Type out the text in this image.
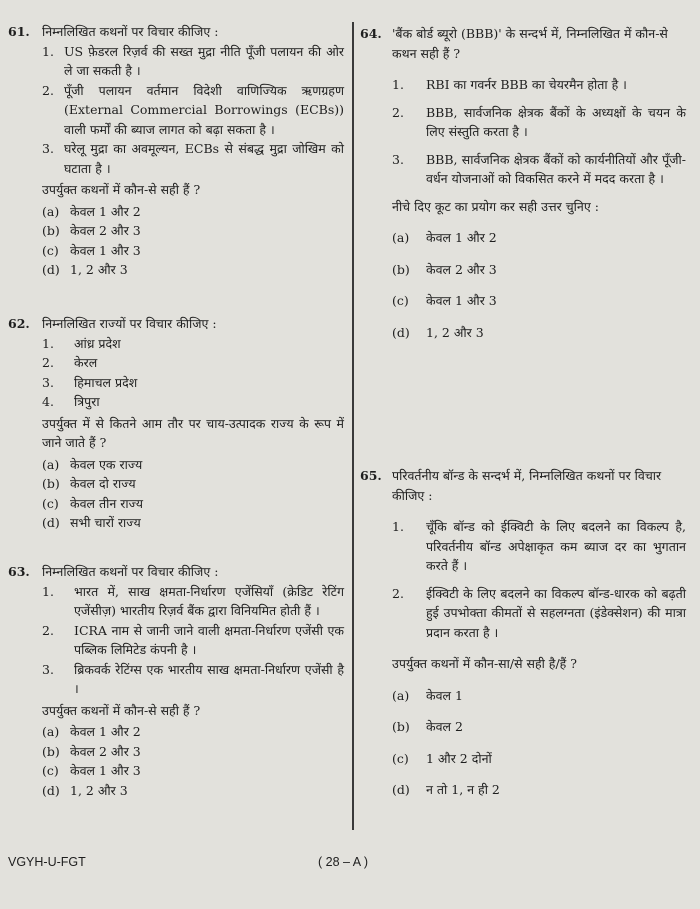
61. निम्नलिखित कथनों पर विचार कीजिए :
1. US फ़ेडरल रिज़र्व की सख्त मुद्रा नीति पूँजी पलायन की ओर ले जा सकती है ।
2. पूँजी पलायन वर्तमान विदेशी वाणिज्यिक ऋणग्रहण (External Commercial Borrowings (ECBs)) वाली फर्मों की ब्याज लागत को बढ़ा सकता है ।
3. घरेलू मुद्रा का अवमूल्यन, ECBs से संबद्ध मुद्रा जोखिम को घटाता है ।
उपर्युक्त कथनों में कौन-से सही हैं ?
(a) केवल 1 और 2
(b) केवल 2 और 3
(c) केवल 1 और 3
(d) 1, 2 और 3
62. निम्नलिखित राज्यों पर विचार कीजिए :
1.	आंध्र प्रदेश
2.	केरल
3.	हिमाचल प्रदेश
4.	त्रिपुरा
उपर्युक्त में से कितने आम तौर पर चाय-उत्पादक राज्य के रूप में जाने जाते हैं ?
(a) केवल एक राज्य
(b) केवल दो राज्य
(c) केवल तीन राज्य
(d) सभी चारों राज्य
63. निम्नलिखित कथनों पर विचार कीजिए :
1.	भारत में, साख क्षमता-निर्धारण एजेंसियाँ (क्रेडिट रेटिंग एजेंसीज़) भारतीय रिज़र्व बैंक द्वारा विनियमित होती हैं ।
2.	ICRA नाम से जानी जाने वाली क्षमता-निर्धारण एजेंसी एक पब्लिक लिमिटेड कंपनी है ।
3.	ब्रिकवर्क रेटिंग्स एक भारतीय साख क्षमता-निर्धारण एजेंसी है ।
उपर्युक्त कथनों में कौन-से सही हैं ?
(a) केवल 1 और 2
(b) केवल 2 और 3
(c) केवल 1 और 3
(d) 1, 2 और 3
64. 'बैंक बोर्ड ब्यूरो (BBB)' के सन्दर्भ में, निम्नलिखित में कौन-से कथन सही हैं ?
1.	RBI का गवर्नर BBB का चेयरमैन होता है ।
2.	BBB, सार्वजनिक क्षेत्रक बैंकों के अध्यक्षों के चयन के लिए संस्तुति करता है ।
3.	BBB, सार्वजनिक क्षेत्रक बैंकों को कार्यनीतियों और पूँजी-वर्धन योजनाओं को विकसित करने में मदद करता है ।
नीचे दिए कूट का प्रयोग कर सही उत्तर चुनिए :
(a)	केवल 1 और 2
(b)	केवल 2 और 3
(c)	केवल 1 और 3
(d)	1, 2 और 3
65. परिवर्तनीय बॉन्ड के सन्दर्भ में, निम्नलिखित कथनों पर विचार कीजिए :
1.	चूँकि बॉन्ड को ईक्विटी के लिए बदलने का विकल्प है, परिवर्तनीय बॉन्ड अपेक्षाकृत कम ब्याज दर का भुगतान करते हैं ।
2.	ईक्विटी के लिए बदलने का विकल्प बॉन्ड-धारक को बढ़ती हुई उपभोक्ता कीमतों से सहलग्नता (इंडेक्सेशन) की मात्रा प्रदान करता है ।
उपर्युक्त कथनों में कौन-सा/से सही है/हैं ?
(a)	केवल 1
(b)	केवल 2
(c)	1 और 2 दोनों
(d)	न तो 1, न ही 2
VGYH-U-FGT	( 28 – A )
